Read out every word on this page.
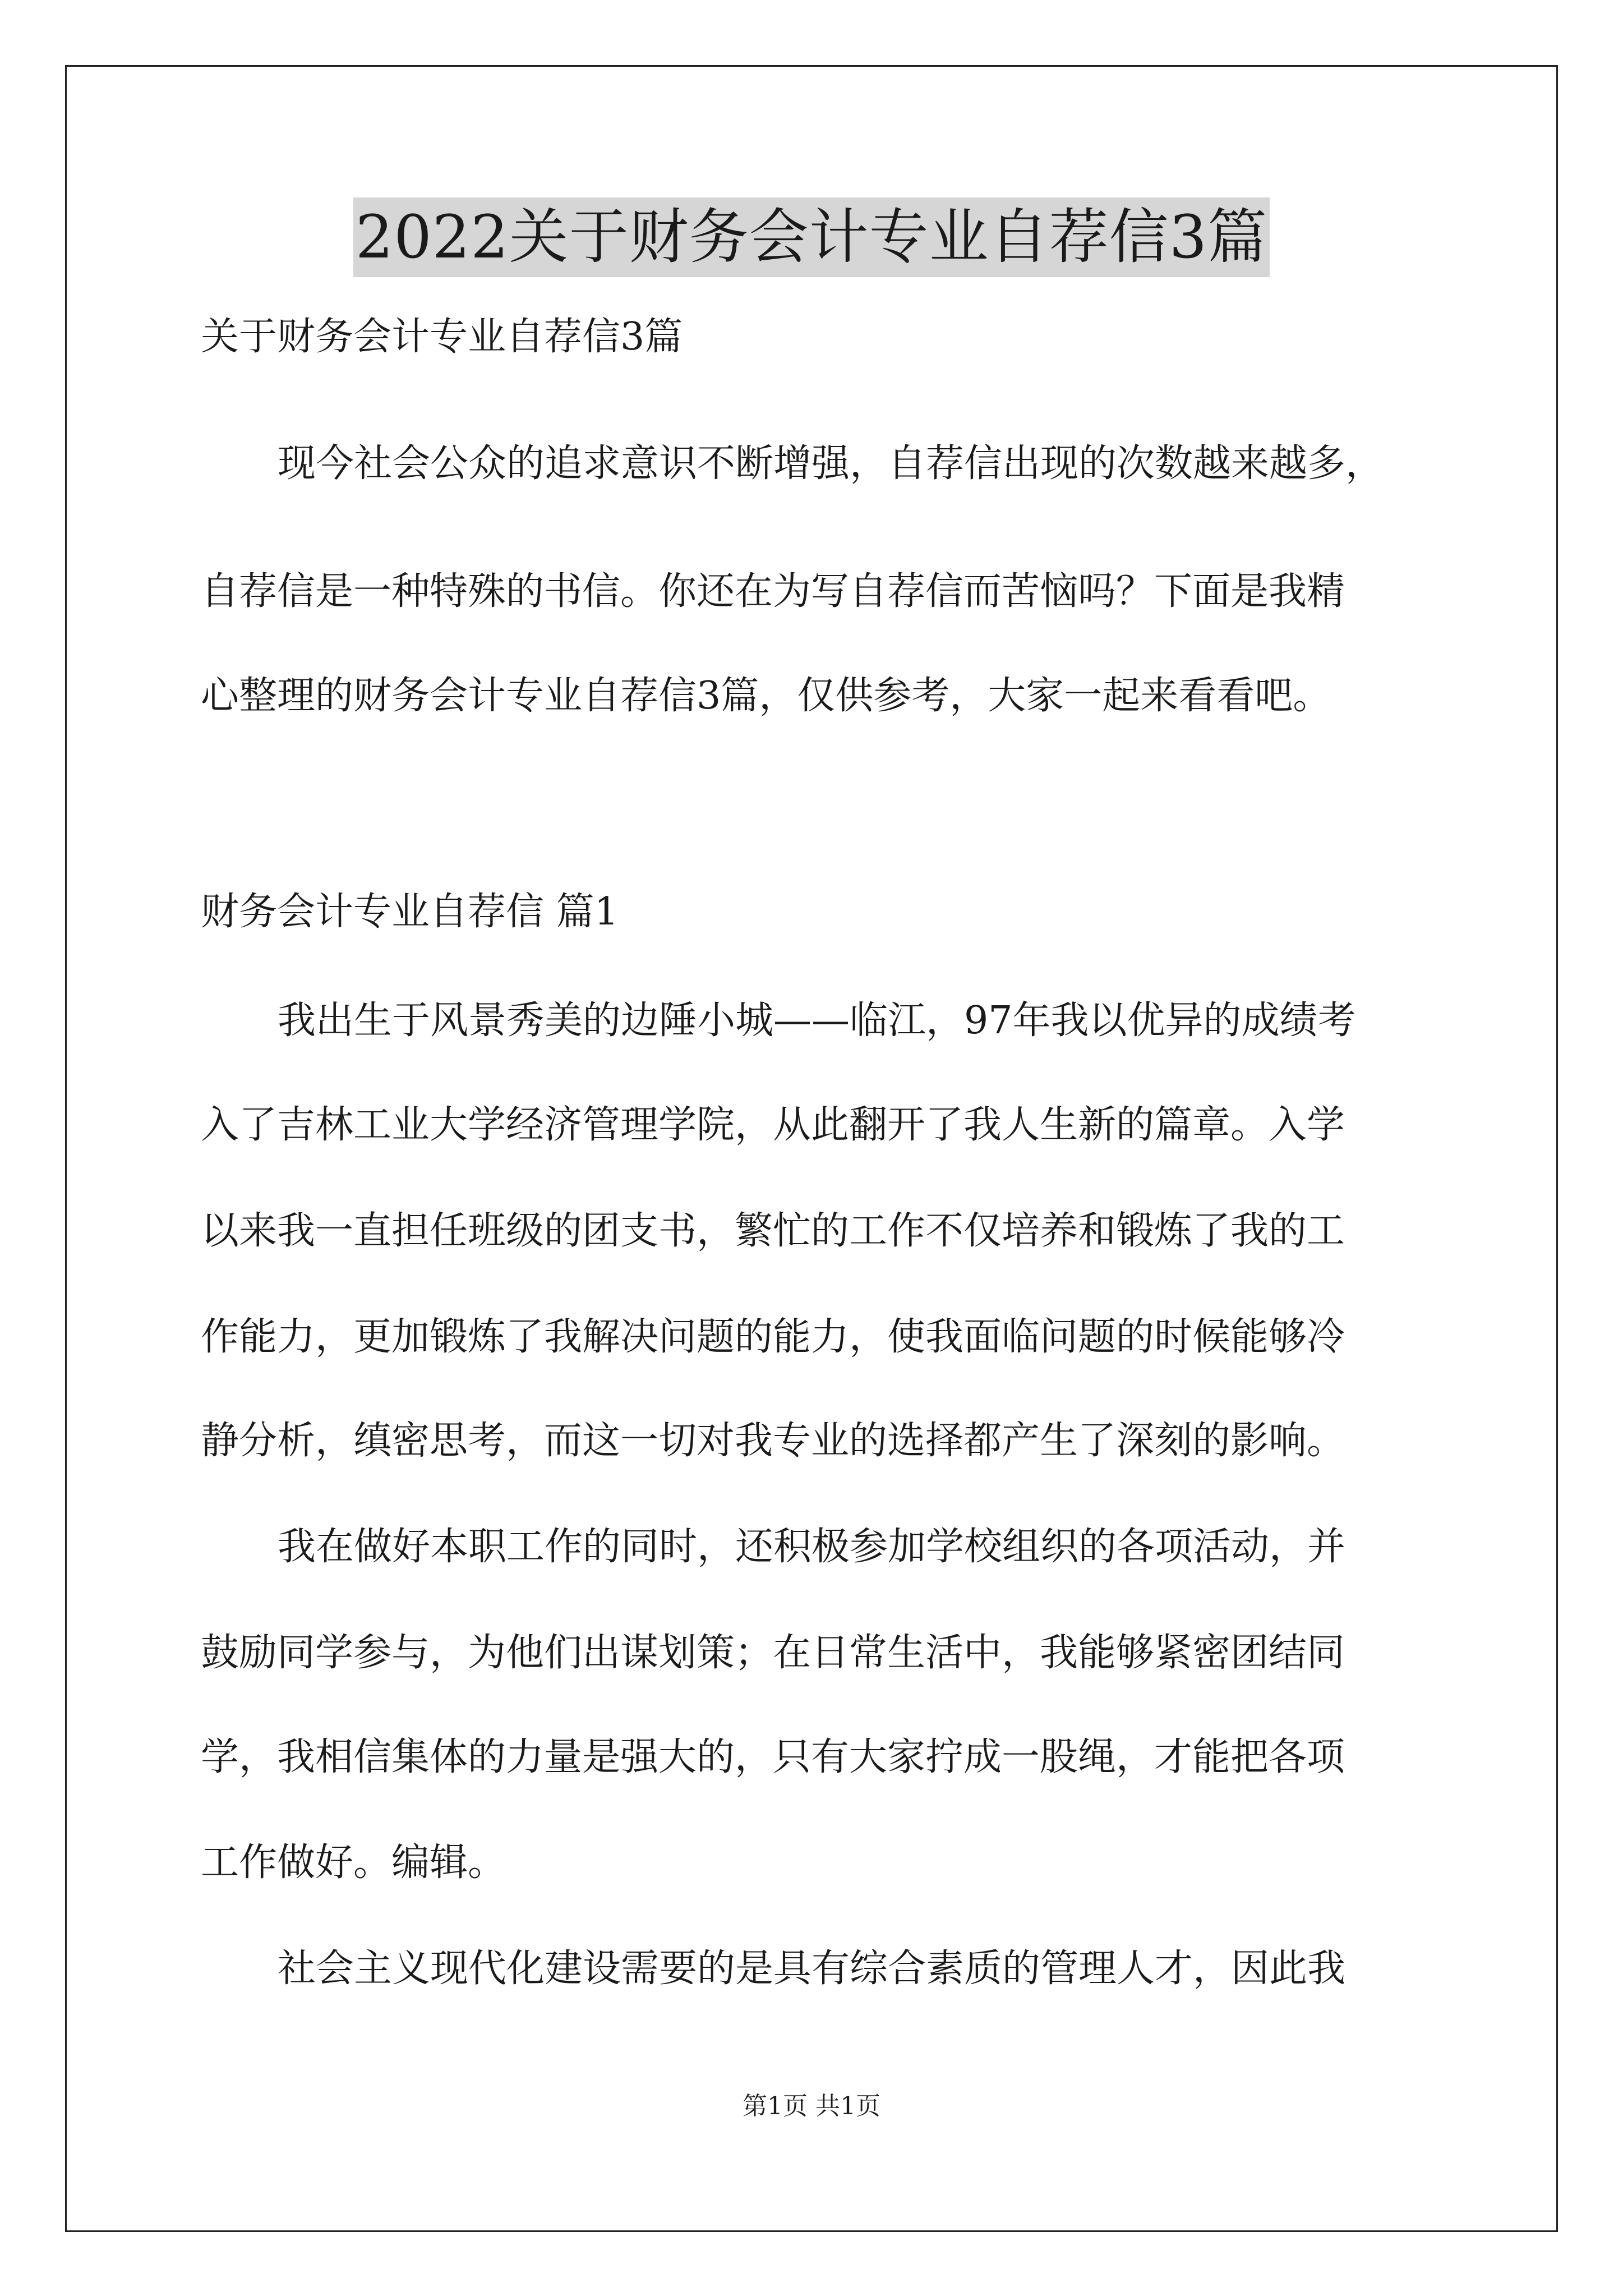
2022关于财务会计专业自荐信3篇
关于财务会计专业自荐信3篇
现今社会公众的追求意识不断增强，自荐信出现的次数越来越多，
自荐信是一种特殊的书信。你还在为写自荐信而苦恼吗？下面是我精
心整理的财务会计专业自荐信3篇，仅供参考，大家一起来看看吧。
财务会计专业自荐信 篇1
我出生于风景秀美的边陲小城——临江，97年我以优异的成绩考
入了吉林工业大学经济管理学院，从此翻开了我人生新的篇章。入学
以来我一直担任班级的团支书，繁忙的工作不仅培养和锻炼了我的工
作能力，更加锻炼了我解决问题的能力，使我面临问题的时候能够冷
静分析，缜密思考，而这一切对我专业的选择都产生了深刻的影响。
我在做好本职工作的同时，还积极参加学校组织的各项活动，并
鼓励同学参与，为他们出谋划策；在日常生活中，我能够紧密团结同
学，我相信集体的力量是强大的，只有大家拧成一股绳，才能把各项
工作做好。编辑。
社会主义现代化建设需要的是具有综合素质的管理人才，因此我
第1页 共1页
